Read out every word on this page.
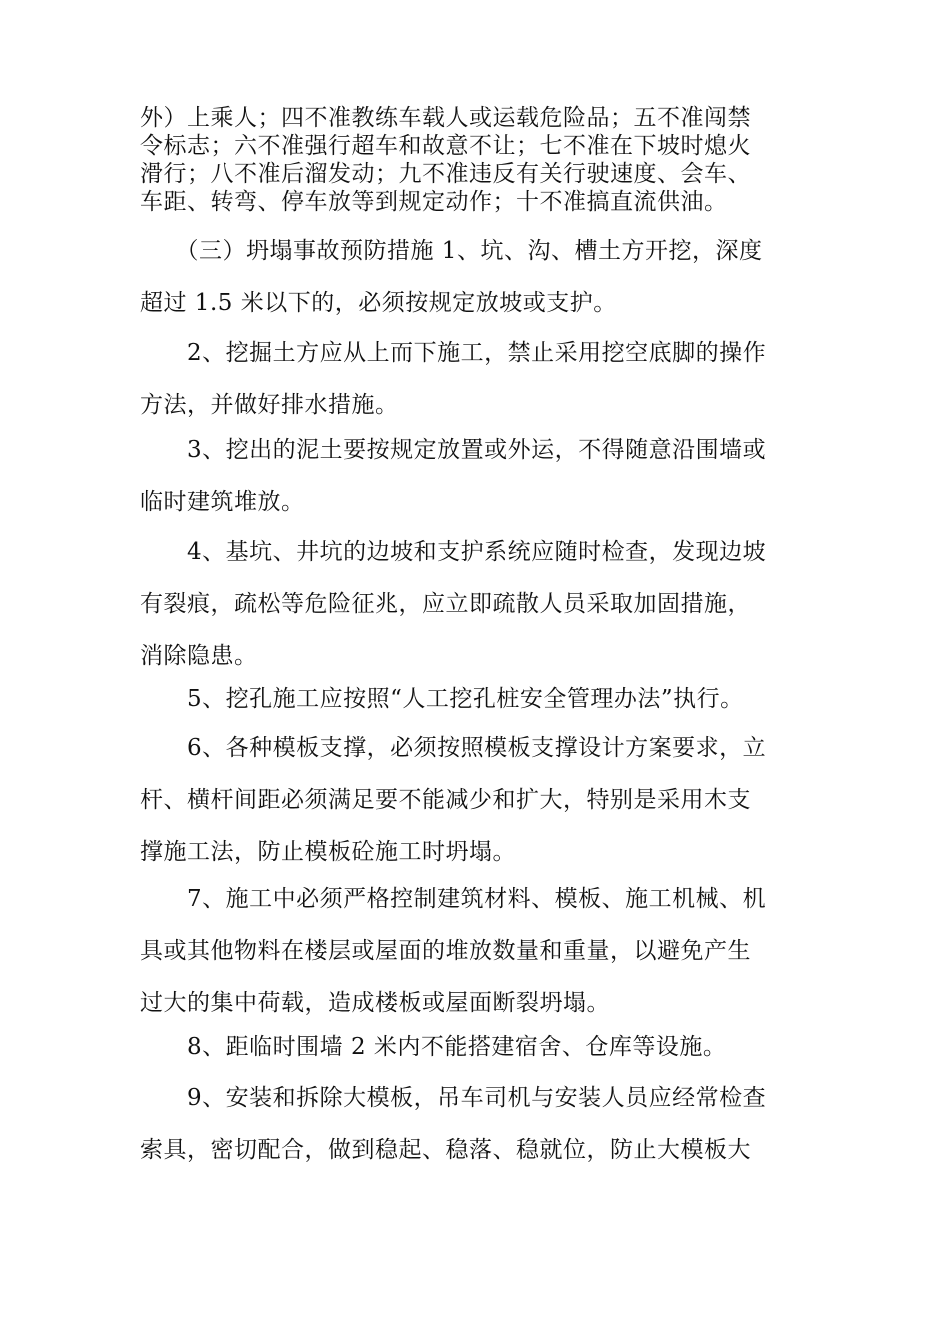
外）上乘人；四不准教练车载人或运载危险品；五不准闯禁
令标志；六不准强行超车和故意不让；七不准在下坡时熄火
滑行；八不准后溜发动；九不准违反有关行驶速度、会车、
车距、转弯、停车放等到规定动作；十不准搞直流供油。
　　（三）坍塌事故预防措施 1、坑、沟、槽土方开挖，深度
超过 1.5 米以下的，必须按规定放坡或支护。
　　2、挖掘土方应从上而下施工，禁止采用挖空底脚的操作
方法，并做好排水措施。
　　3、挖出的泥土要按规定放置或外运，不得随意沿围墙或
临时建筑堆放。
　　4、基坑、井坑的边坡和支护系统应随时检查，发现边坡
有裂痕，疏松等危险征兆，应立即疏散人员采取加固措施，
消除隐患。
　　5、挖孔施工应按照“人工挖孔桩安全管理办法”执行。
　　6、各种模板支撑，必须按照模板支撑设计方案要求，立
杆、横杆间距必须满足要不能减少和扩大，特别是采用木支
撑施工法，防止模板砼施工时坍塌。
　　7、施工中必须严格控制建筑材料、模板、施工机械、机
具或其他物料在楼层或屋面的堆放数量和重量，以避免产生
过大的集中荷载，造成楼板或屋面断裂坍塌。
　　8、距临时围墙 2 米内不能搭建宿舍、仓库等设施。
　　9、安装和拆除大模板，吊车司机与安装人员应经常检查
索具，密切配合，做到稳起、稳落、稳就位，防止大模板大
